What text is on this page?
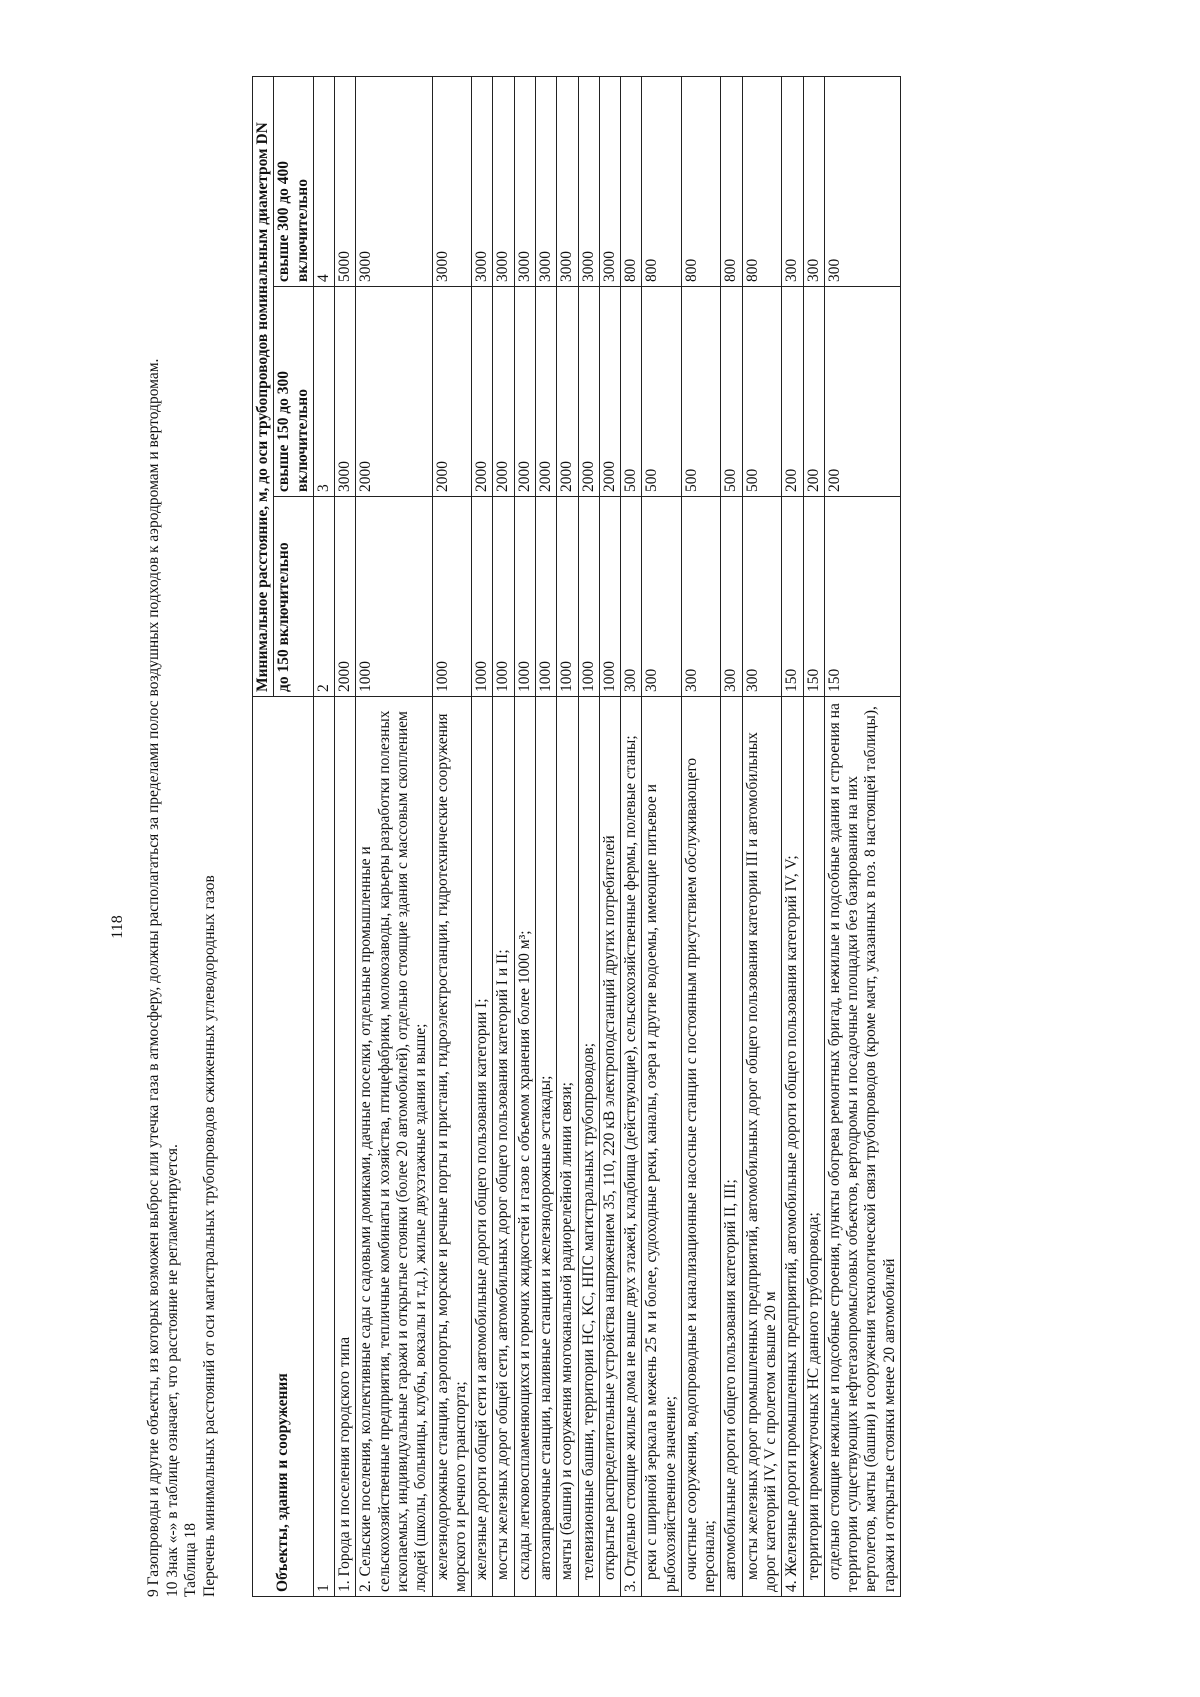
118 9 Газопроводы и другие объекты, из которых возможен выброс или утечка газа в атмосферу, должны располагаться за пределами полос воздушных подходов к аэродромам и вертодромам. 10 Знак «-» в таблице означает, что расстояние не регламентируется. Таблица 18 Перечень минимальных расстояний от оси магистральных трубопроводов сжиженных углеводородных газов	Объекты, здания и сооружения	Минимальное расстояние, м, до оси трубопроводов номинальным диаметром DN		
	до 150 включительно	свыше 150 до 300 включительно	свыше 300 до 400 включительно
1	2	3	4
1. Города и поселения городского типа	2000	3000	5000
2. Сельские поселения, коллективные сады с садовыми домиками, дачные поселки, отдельные промышленные и сельскохозяйственные предприятия, тепличные комбинаты и хозяйства, птицефабрики, молокозаводы, карьеры разработки полезных ископаемых, индивидуальные гаражи и открытые стоянки (более 20 автомобилей), отдельно стоящие здания с массовым скоплением людей (школы, больницы, клубы, вокзалы и т.д.), жилые двухэтажные здания и выше;	1000	2000	3000
железнодорожные станции, аэропорты, морские и речные порты и пристани, гидроэлектростанции, гидротехнические сооружения морского и речного транспорта;	1000	2000	3000
железные дороги общей сети и автомобильные дороги общего пользования категории I;	1000	2000	3000
мосты железных дорог общей сети, автомобильных дорог общего пользования категорий I и II;	1000	2000	3000
склады легковоспламеняющихся и горючих жидкостей и газов с объемом хранения более 1000 м³;	1000	2000	3000
автозаправочные станции, наливные станции и железнодорожные эстакады;	1000	2000	3000
мачты (башни) и сооружения многоканальной радиорелейной линии связи;	1000	2000	3000
телевизионные башни, территории НС, КС, НПС магистральных трубопроводов;	1000	2000	3000
открытые распределительные устройства напряжением 35, 110, 220 кВ электроподстанций других потребителей	1000	2000	3000
3. Отдельно стоящие жилые дома не выше двух этажей, кладбища (действующие), сельскохозяйственные фермы, полевые станы;	300	500	800
реки с шириной зеркала в межень 25 м и более, судоходные реки, каналы, озера и другие водоемы, имеющие питьевое и рыбохозяйственное значение;	300	500	800
очистные сооружения, водопроводные и канализационные насосные станции с постоянным присутствием обслуживающего персонала;	300	500	800
автомобильные дороги общего пользования категорий II, III;	300	500	800
мосты железных дорог промышленных предприятий, автомобильных дорог общего пользования категории III и автомобильных дорог категорий IV, V с пролетом свыше 20 м	300	500	800
4. Железные дороги промышленных предприятий, автомобильные дороги общего пользования категорий IV, V;	150	200	300
территории промежуточных НС данного трубопровода;	150	200	300
отдельно стоящие нежилые и подсобные строения, пункты обогрева ремонтных бригад, нежилые и подсобные здания и строения на территории существующих нефтегазопромысловых объектов, вертодромы и посадочные площадки без базирования на них вертолетов, мачты (башни) и сооружения технологической связи трубопроводов (кроме мачт, указанных в поз. 8 настоящей таблицы), гаражи и открытые стоянки менее 20 автомобилей	150	200	300
